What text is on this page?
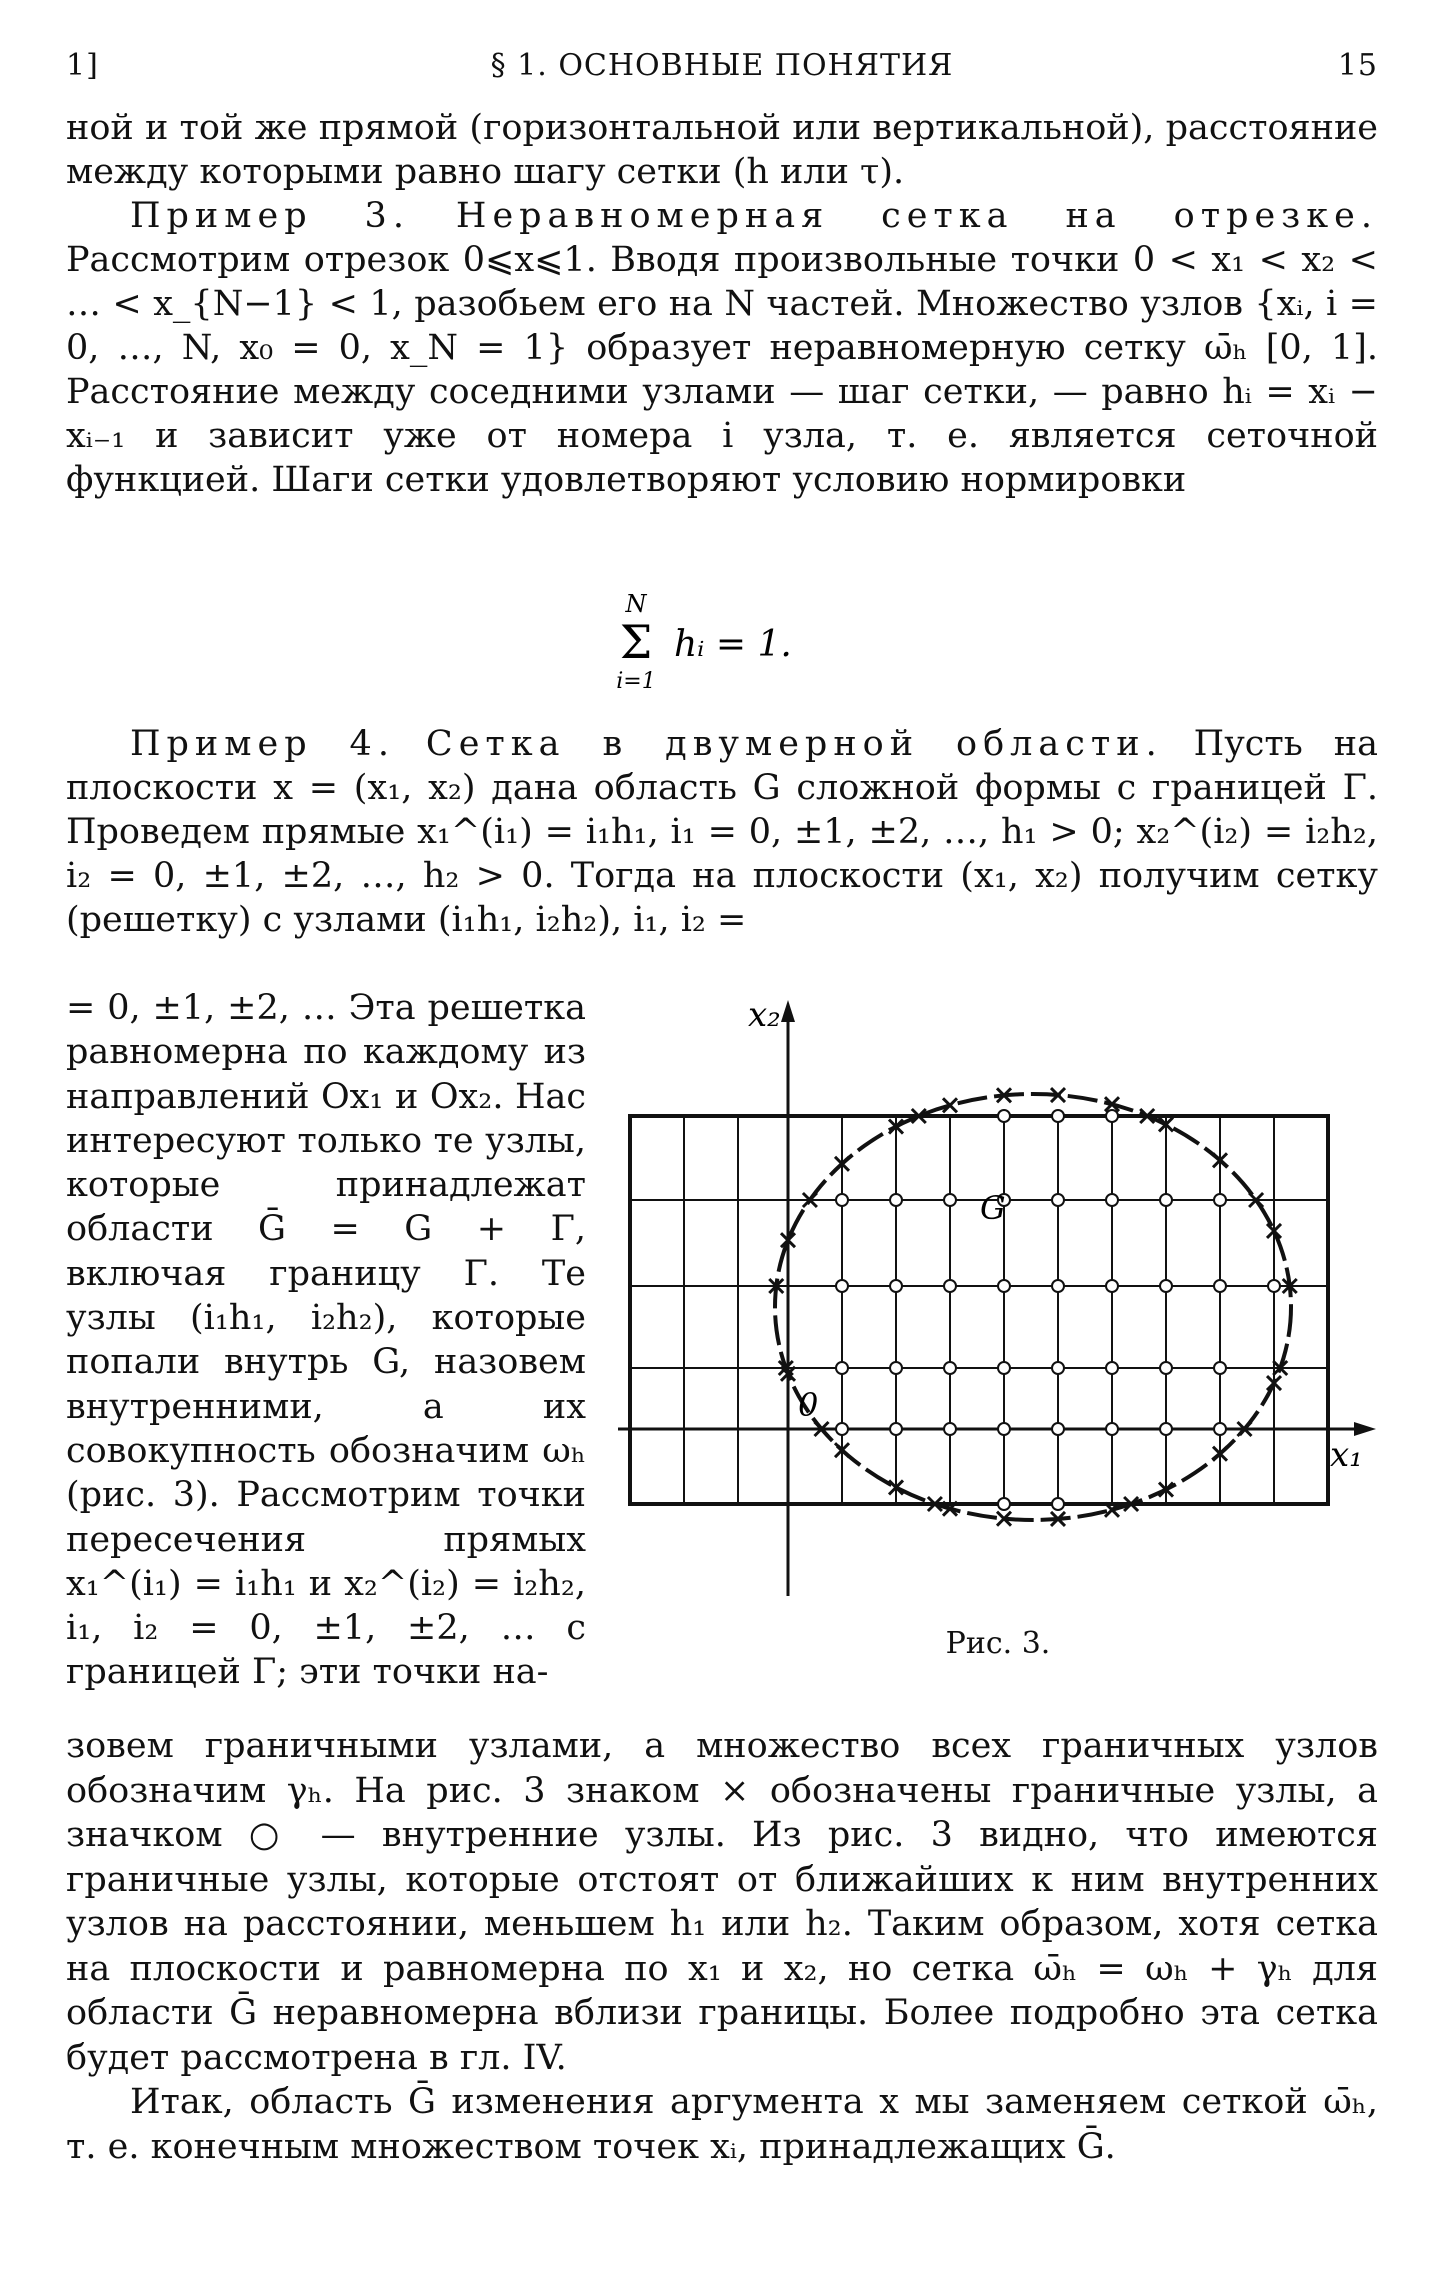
1]	§ 1. ОСНОВНЫЕ ПОНЯТИЯ	15

ной и той же прямой (горизонтальной или вертикальной), расстояние между которыми равно шагу сетки (h или τ).

Пример 3. Неравномерная сетка на отрезке. Рассмотрим отрезок 0⩽x⩽1. Вводя произвольные точки 0 < x₁ < x₂ < … < x_{N−1} < 1, разобьем его на N частей. Множество узлов {xᵢ, i = 0, …, N, x₀ = 0, x_N = 1} образует неравномерную сетку ω̄ₕ [0, 1]. Расстояние между соседними узлами — шаг сетки, — равно hᵢ = xᵢ − xᵢ₋₁ и зависит уже от номера i узла, т. е. является сеточной функцией. Шаги сетки удовлетворяют условию нормировки

N
Σ
i=1
hᵢ = 1.

Пример 4. Сетка в двумерной области. Пусть на плоскости x = (x₁, x₂) дана область G сложной формы с границей Γ. Проведем прямые x₁^(i₁) = i₁h₁, i₁ = 0, ±1, ±2, …, h₁ > 0; x₂^(i₂) = i₂h₂, i₂ = 0, ±1, ±2, …, h₂ > 0. Тогда на плоскости (x₁, x₂) получим сетку (решетку) с узлами (i₁h₁, i₂h₂), i₁, i₂ =

= 0, ±1, ±2, … Эта решетка равномерна по каждому из направлений Ox₁ и Ox₂. Нас интересуют только те узлы, которые принадлежат области Ḡ = G + Γ, включая границу Γ. Те узлы (i₁h₁, i₂h₂), которые попали внутрь G, назовем внутренними, а их совокупность обозначим ωₕ (рис. 3). Рассмотрим точки пересечения прямых x₁^(i₁) = i₁h₁ и x₂^(i₂) = i₂h₂, i₁, i₂ = 0, ±1, ±2, … с границей Γ; эти точки на-

x₂
x₁
G
0
Рис. 3.

зовем граничными узлами, а множество всех граничных узлов обозначим γₕ. На рис. 3 знаком × обозначены граничные узлы, а значком ○ — внутренние узлы. Из рис. 3 видно, что имеются граничные узлы, которые отстоят от ближайших к ним внутренних узлов на расстоянии, меньшем h₁ или h₂. Таким образом, хотя сетка на плоскости и равномерна по x₁ и x₂, но сетка ω̄ₕ = ωₕ + γₕ для области Ḡ неравномерна вблизи границы. Более подробно эта сетка будет рассмотрена в гл. IV.

Итак, область Ḡ изменения аргумента x мы заменяем сеткой ω̄ₕ, т. е. конечным множеством точек xᵢ, принадлежащих Ḡ.
